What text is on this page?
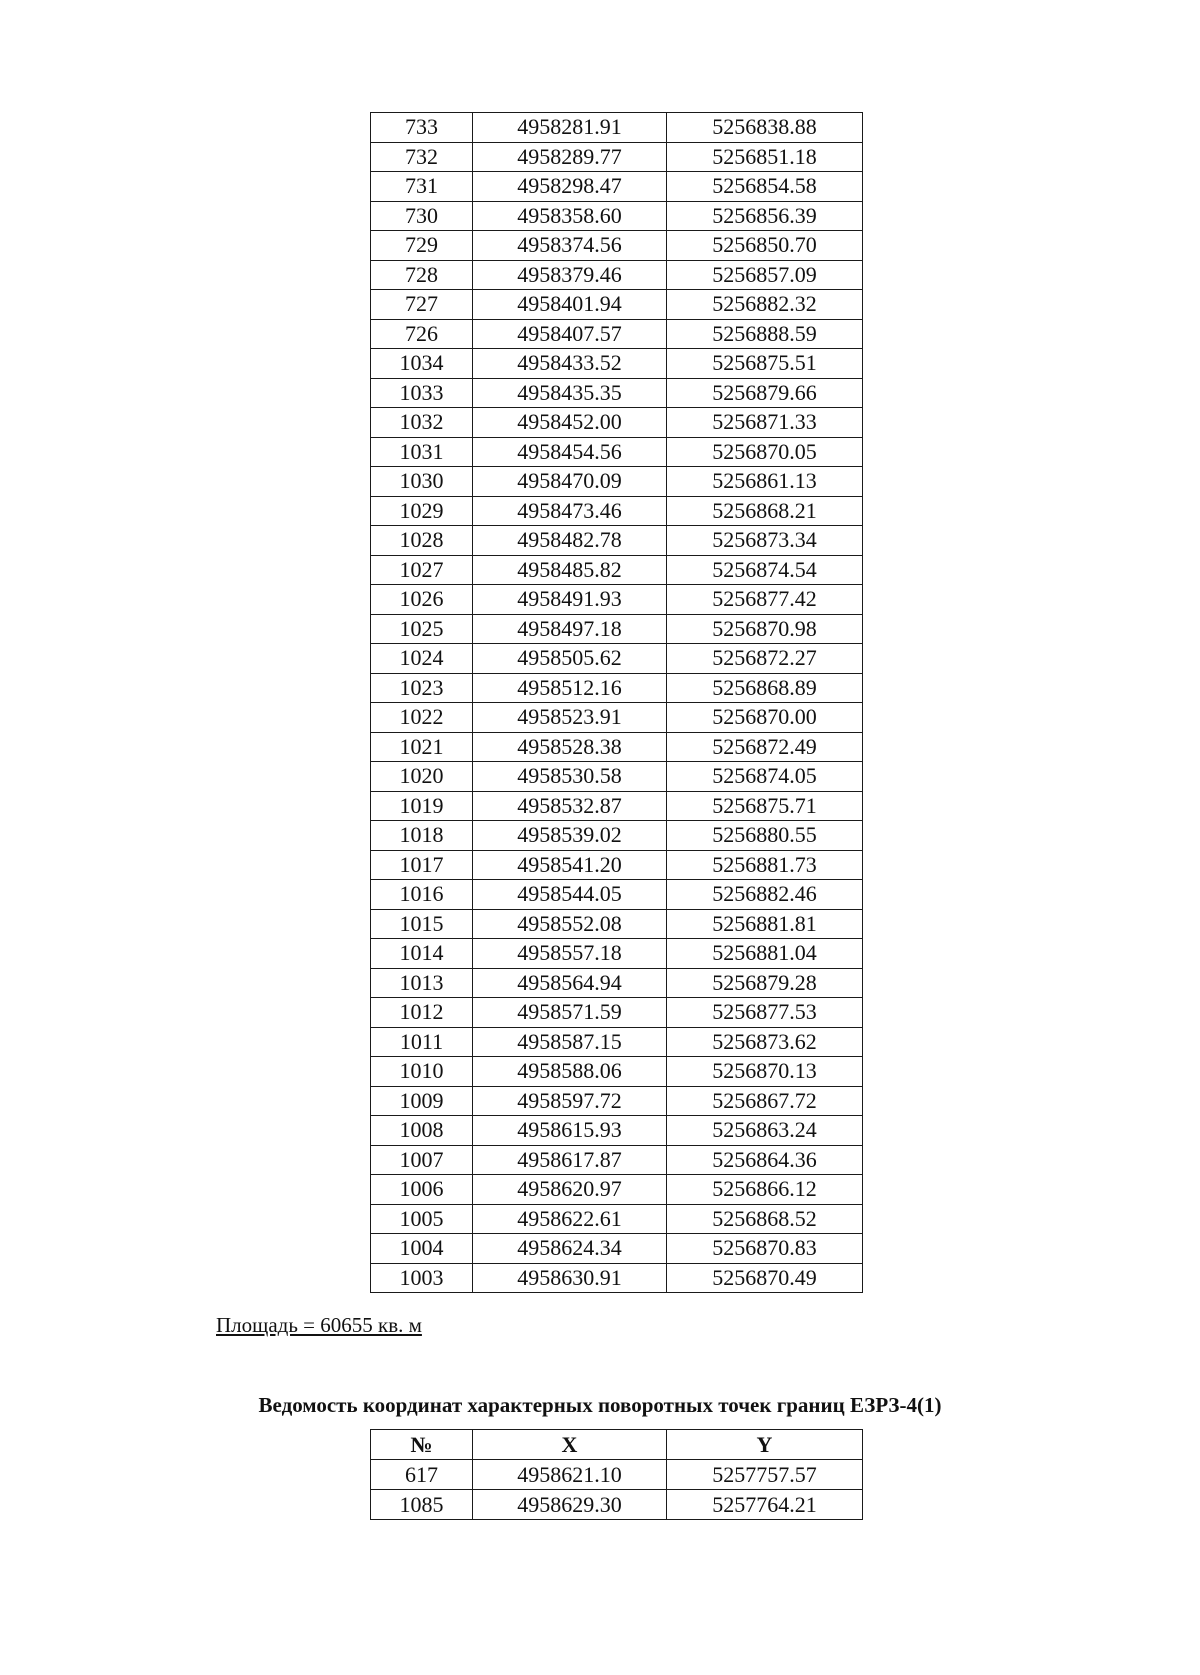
733	4958281.91	5256838.88
732	4958289.77	5256851.18
731	4958298.47	5256854.58
730	4958358.60	5256856.39
729	4958374.56	5256850.70
728	4958379.46	5256857.09
727	4958401.94	5256882.32
726	4958407.57	5256888.59
1034	4958433.52	5256875.51
1033	4958435.35	5256879.66
1032	4958452.00	5256871.33
1031	4958454.56	5256870.05
1030	4958470.09	5256861.13
1029	4958473.46	5256868.21
1028	4958482.78	5256873.34
1027	4958485.82	5256874.54
1026	4958491.93	5256877.42
1025	4958497.18	5256870.98
1024	4958505.62	5256872.27
1023	4958512.16	5256868.89
1022	4958523.91	5256870.00
1021	4958528.38	5256872.49
1020	4958530.58	5256874.05
1019	4958532.87	5256875.71
1018	4958539.02	5256880.55
1017	4958541.20	5256881.73
1016	4958544.05	5256882.46
1015	4958552.08	5256881.81
1014	4958557.18	5256881.04
1013	4958564.94	5256879.28
1012	4958571.59	5256877.53
1011	4958587.15	5256873.62
1010	4958588.06	5256870.13
1009	4958597.72	5256867.72
1008	4958615.93	5256863.24
1007	4958617.87	5256864.36
1006	4958620.97	5256866.12
1005	4958622.61	5256868.52
1004	4958624.34	5256870.83
1003	4958630.91	5256870.49
Площадь = 60655 кв. м
Ведомость координат характерных поворотных точек границ ЕЗРЗ-4(1)
№	X	Y
617	4958621.10	5257757.57
1085	4958629.30	5257764.21
